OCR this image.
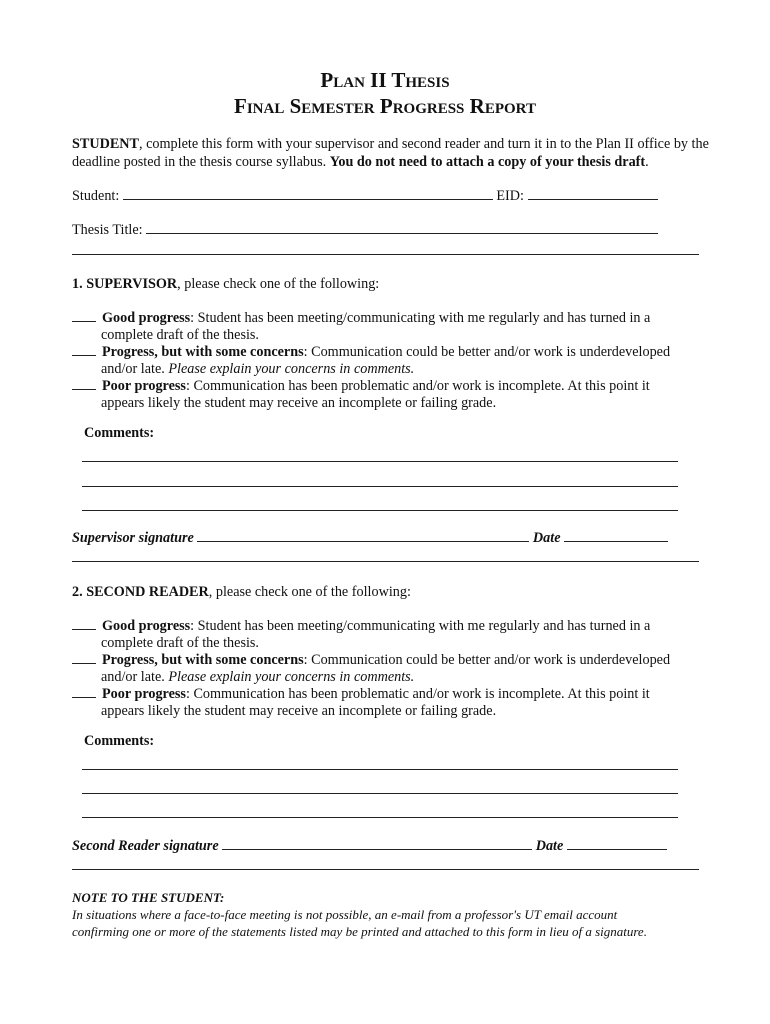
Plan II Thesis
Final Semester Progress Report
STUDENT, complete this form with your supervisor and second reader and turn it in to the Plan II office by the deadline posted in the thesis course syllabus. You do not need to attach a copy of your thesis draft.
Student:	EID:
Thesis Title:
1. SUPERVISOR, please check one of the following:
Good progress: Student has been meeting/communicating with me regularly and has turned in a
complete draft of the thesis.
Progress, but with some concerns: Communication could be better and/or work is underdeveloped
and/or late. Please explain your concerns in comments.
Poor progress: Communication has been problematic and/or work is incomplete. At this point it
appears likely the student may receive an incomplete or failing grade.
Comments:
Supervisor signature	Date
2. SECOND READER, please check one of the following:
Good progress: Student has been meeting/communicating with me regularly and has turned in a
complete draft of the thesis.
Progress, but with some concerns: Communication could be better and/or work is underdeveloped
and/or late. Please explain your concerns in comments.
Poor progress: Communication has been problematic and/or work is incomplete. At this point it
appears likely the student may receive an incomplete or failing grade.
Comments:
Second Reader signature	Date
NOTE TO THE STUDENT:
In situations where a face-to-face meeting is not possible, an e-mail from a professor's UT email account
confirming one or more of the statements listed may be printed and attached to this form in lieu of a signature.
